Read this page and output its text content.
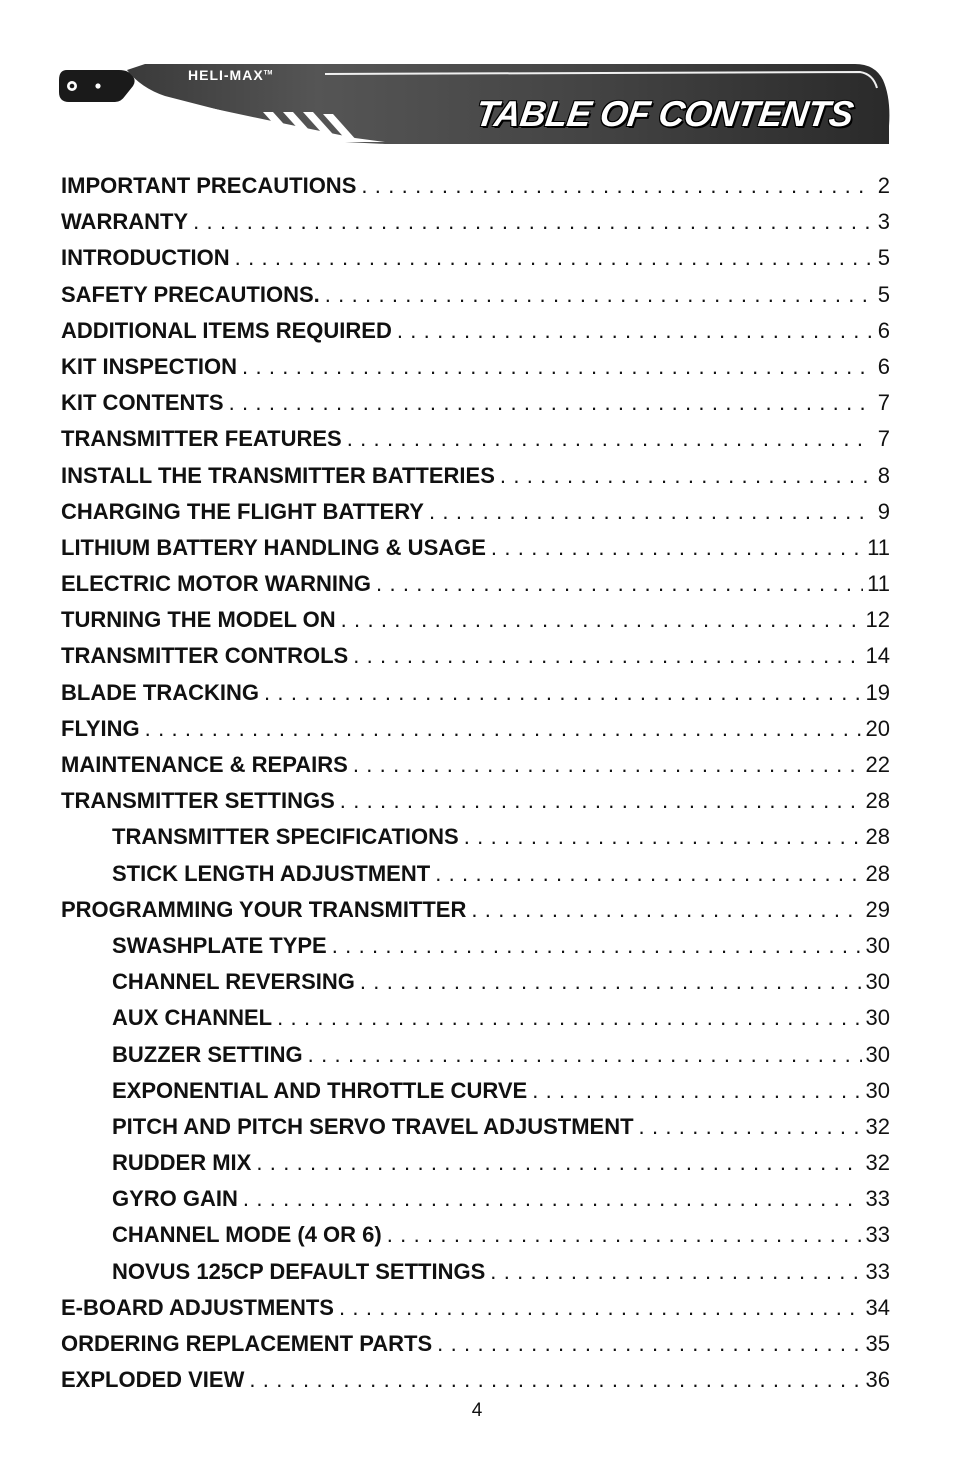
HELI-MAX™
TABLE OF CONTENTS
IMPORTANT PRECAUTIONS . . .	2
WARRANTY . . .	3
INTRODUCTION . . .	5
SAFETY PRECAUTIONS. . . .	5
ADDITIONAL ITEMS REQUIRED . . .	6
KIT INSPECTION . . .	6
KIT CONTENTS . . .	7
TRANSMITTER FEATURES . . .	7
INSTALL THE TRANSMITTER BATTERIES . . .	8
CHARGING THE FLIGHT BATTERY . . .	9
LITHIUM BATTERY HANDLING & USAGE . . .	11
ELECTRIC MOTOR WARNING . . .	11
TURNING THE MODEL ON . . .	12
TRANSMITTER CONTROLS . . .	14
BLADE TRACKING . . .	19
FLYING . . .	20
MAINTENANCE & REPAIRS . . .	22
TRANSMITTER SETTINGS . . .	28
TRANSMITTER SPECIFICATIONS . . .	28
STICK LENGTH ADJUSTMENT . . .	28
PROGRAMMING YOUR TRANSMITTER . . .	29
SWASHPLATE TYPE . . .	30
CHANNEL REVERSING . . .	30
AUX CHANNEL . . .	30
BUZZER SETTING . . .	30
EXPONENTIAL AND THROTTLE CURVE . . .	30
PITCH AND PITCH SERVO TRAVEL ADJUSTMENT . . .	32
RUDDER MIX . . .	32
GYRO GAIN . . .	33
CHANNEL MODE (4 OR 6) . . .	33
NOVUS 125CP DEFAULT SETTINGS . . .	33
E-BOARD ADJUSTMENTS . . .	34
ORDERING REPLACEMENT PARTS . . .	35
EXPLODED VIEW . . .	36
4
